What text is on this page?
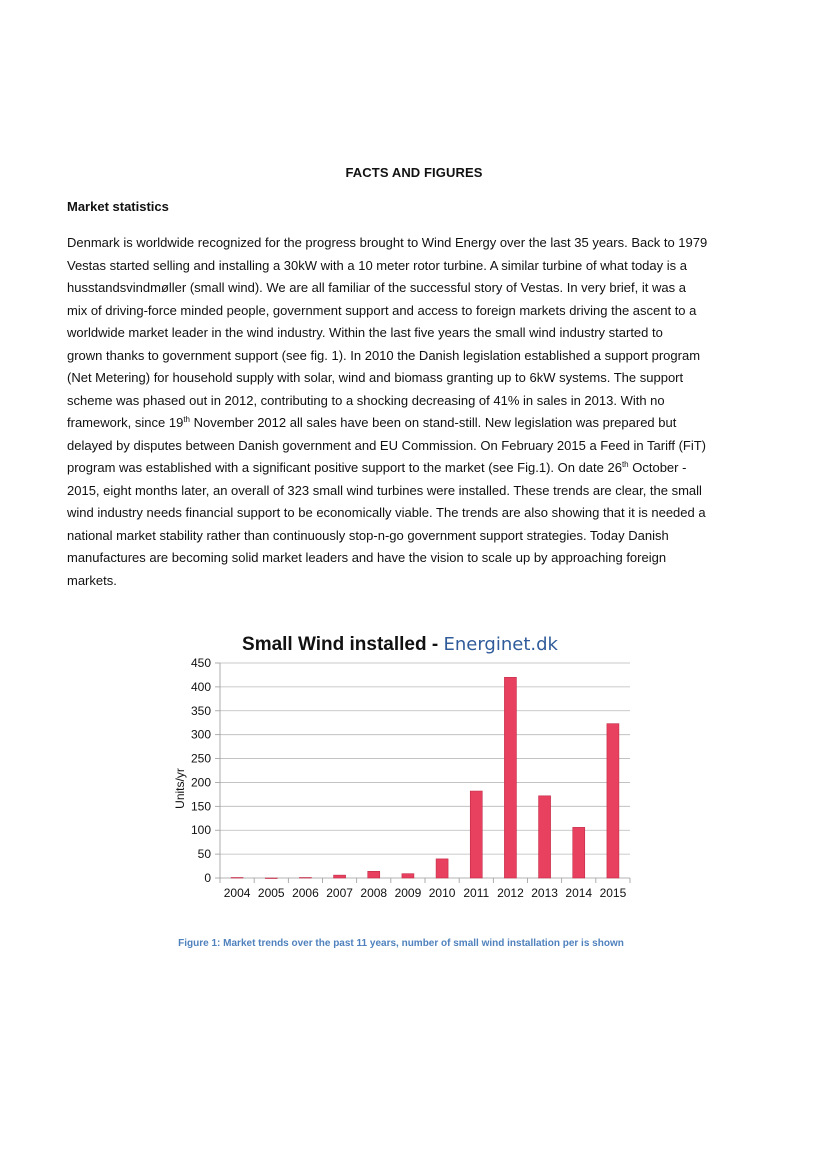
FACTS AND FIGURES
Market statistics
Denmark is worldwide recognized for the progress brought to Wind Energy over the last 35 years. Back to 1979
Vestas started selling and installing a 30kW with a 10 meter rotor turbine. A similar turbine of what today is a
husstandsvindmøller (small wind). We are all familiar of the successful story of Vestas. In very brief, it was a
mix of driving-force minded people, government support and access to foreign markets driving the ascent to a
worldwide market leader in the wind industry. Within the last five years the small wind industry started to
grown thanks to government support (see fig. 1). In 2010 the Danish legislation established a support program
(Net Metering) for household supply with solar, wind and biomass granting up to 6kW systems. The support
scheme was phased out in 2012, contributing to a shocking decreasing of 41% in sales in 2013. With no
framework, since 19th November 2012 all sales have been on stand-still. New legislation was prepared but
delayed by disputes between Danish government and EU Commission. On February 2015 a Feed in Tariff (FiT)
program was established with a significant positive support to the market (see Fig.1). On date 26th October -
2015, eight months later, an overall of 323 small wind turbines were installed. These trends are clear, the small
wind industry needs financial support to be economically viable. The trends are also showing that it is needed a
national market stability rather than continuously stop-n-go government support strategies. Today Danish
manufactures are becoming solid market leaders and have the vision to scale up by approaching foreign
markets.
Small Wind installed - Energinet.dk
0
50
100
150
200
250
300
350
400
450
2004 2005 2006 2007 2008 2009 2010 2011 2012 2013 2014 2015
Units/yr
Figure 1: Market trends over the past 11 years, number of small wind installation per is shown
